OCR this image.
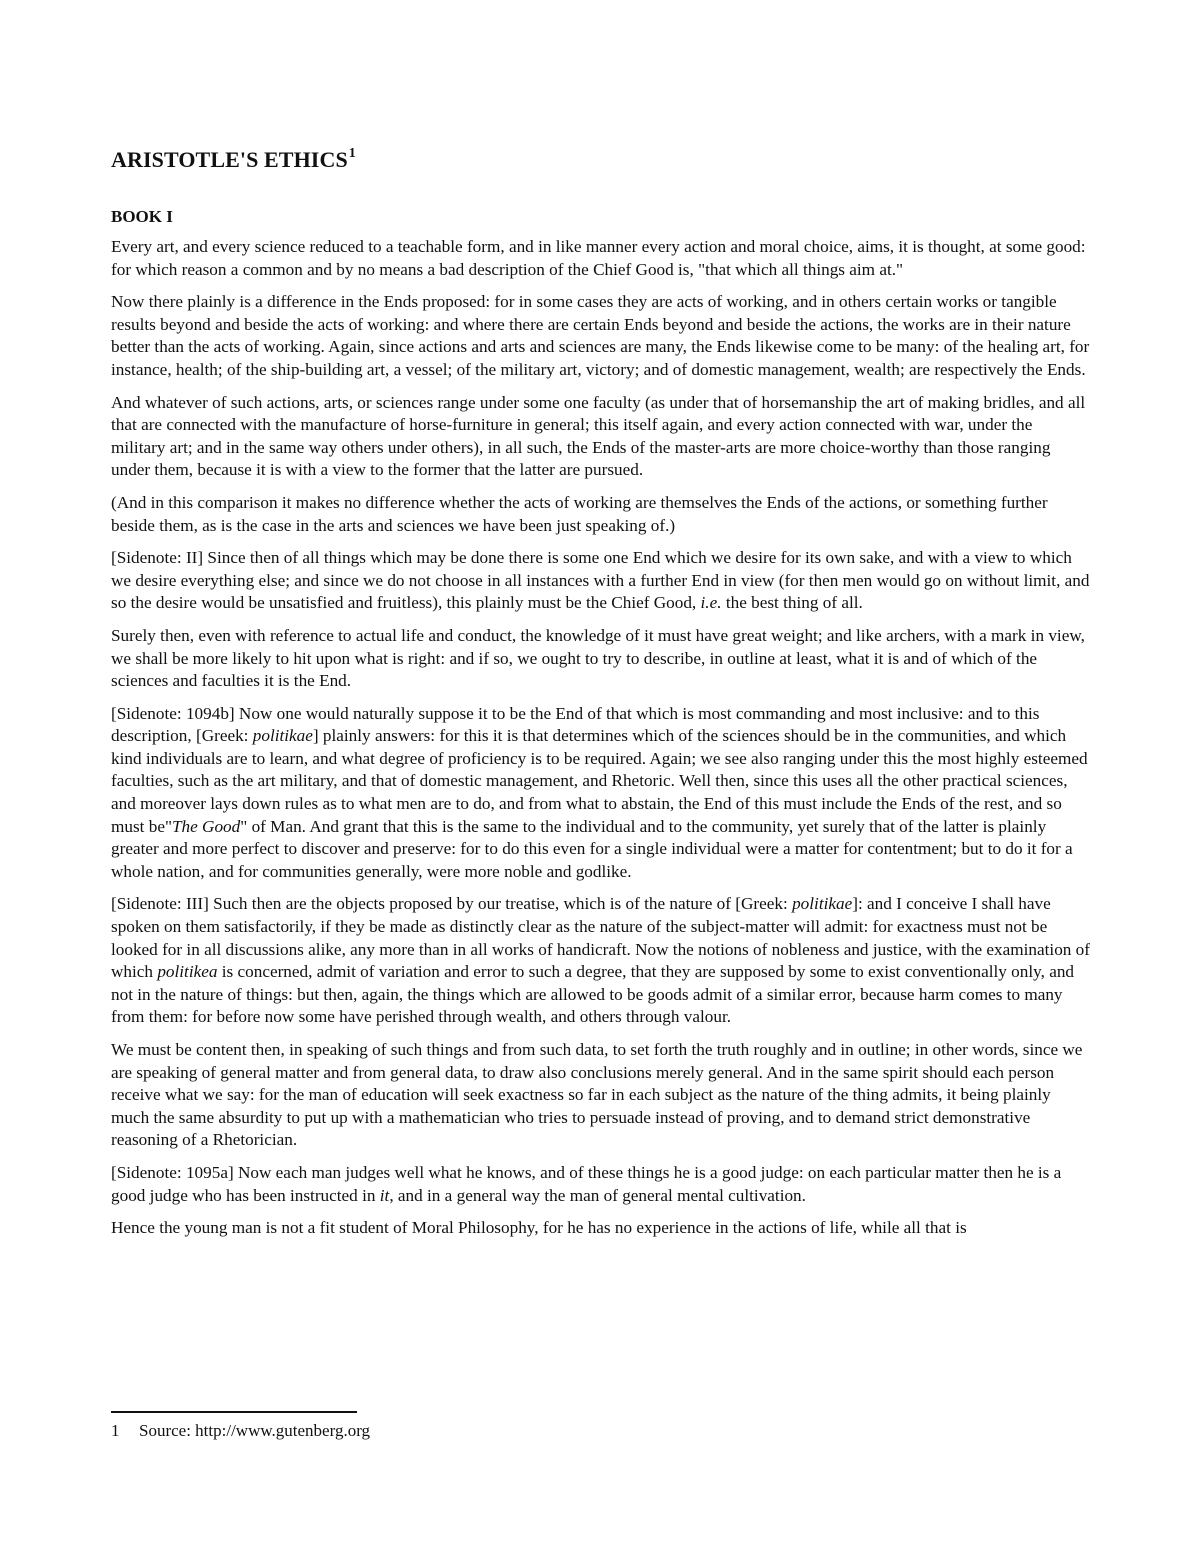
ARISTOTLE'S ETHICS$^1$
BOOK I

Every art, and every science reduced to a teachable form, and in like manner every action and moral choice, aims, it is thought, at some good: for which reason a common and by no means a bad description of the Chief Good is, "that which all things aim at."

Now there plainly is a difference in the Ends proposed: for in some cases they are acts of working, and in others certain works or tangible results beyond and beside the acts of working: and where there are certain Ends beyond and beside the actions, the works are in their nature better than the acts of working. Again, since actions and arts and sciences are many, the Ends likewise come to be many: of the healing art, for instance, health; of the ship-building art, a vessel; of the military art, victory; and of domestic management, wealth; are respectively the Ends.

And whatever of such actions, arts, or sciences range under some one faculty (as under that of horsemanship the art of making bridles, and all that are connected with the manufacture of horse-furniture in general; this itself again, and every action connected with war, under the military art; and in the same way others under others), in all such, the Ends of the master-arts are more choice-worthy than those ranging under them, because it is with a view to the former that the latter are pursued.

(And in this comparison it makes no difference whether the acts of working are themselves the Ends of the actions, or something further beside them, as is the case in the arts and sciences we have been just speaking of.)

[Sidenote: II] Since then of all things which may be done there is some one End which we desire for its own sake, and with a view to which we desire everything else; and since we do not choose in all instances with a further End in view (for then men would go on without limit, and so the desire would be unsatisfied and fruitless), this plainly must be the Chief Good, i.e. the best thing of all.

Surely then, even with reference to actual life and conduct, the knowledge of it must have great weight; and like archers, with a mark in view, we shall be more likely to hit upon what is right: and if so, we ought to try to describe, in outline at least, what it is and of which of the sciences and faculties it is the End.

[Sidenote: 1094b] Now one would naturally suppose it to be the End of that which is most commanding and most inclusive: and to this description, [Greek: politikae] plainly answers: for this it is that determines which of the sciences should be in the communities, and which kind individuals are to learn, and what degree of proficiency is to be required. Again; we see also ranging under this the most highly esteemed faculties, such as the art military, and that of domestic management, and Rhetoric. Well then, since this uses all the other practical sciences, and moreover lays down rules as to what men are to do, and from what to abstain, the End of this must include the Ends of the rest, and so must be"The Good" of Man. And grant that this is the same to the individual and to the community, yet surely that of the latter is plainly greater and more perfect to discover and preserve: for to do this even for a single individual were a matter for contentment; but to do it for a whole nation, and for communities generally, were more noble and godlike.

[Sidenote: III] Such then are the objects proposed by our treatise, which is of the nature of [Greek: politikae]: and I conceive I shall have spoken on them satisfactorily, if they be made as distinctly clear as the nature of the subject-matter will admit: for exactness must not be looked for in all discussions alike, any more than in all works of handicraft. Now the notions of nobleness and justice, with the examination of which politikea is concerned, admit of variation and error to such a degree, that they are supposed by some to exist conventionally only, and not in the nature of things: but then, again, the things which are allowed to be goods admit of a similar error, because harm comes to many from them: for before now some have perished through wealth, and others through valour.

We must be content then, in speaking of such things and from such data, to set forth the truth roughly and in outline; in other words, since we are speaking of general matter and from general data, to draw also conclusions merely general. And in the same spirit should each person receive what we say: for the man of education will seek exactness so far in each subject as the nature of the thing admits, it being plainly much the same absurdity to put up with a mathematician who tries to persuade instead of proving, and to demand strict demonstrative reasoning of a Rhetorician.

[Sidenote: 1095a] Now each man judges well what he knows, and of these things he is a good judge: on each particular matter then he is a good judge who has been instructed in it, and in a general way the man of general mental cultivation.

Hence the young man is not a fit student of Moral Philosophy, for he has no experience in the actions of life, while all that is

1 Source: http://www.gutenberg.org
